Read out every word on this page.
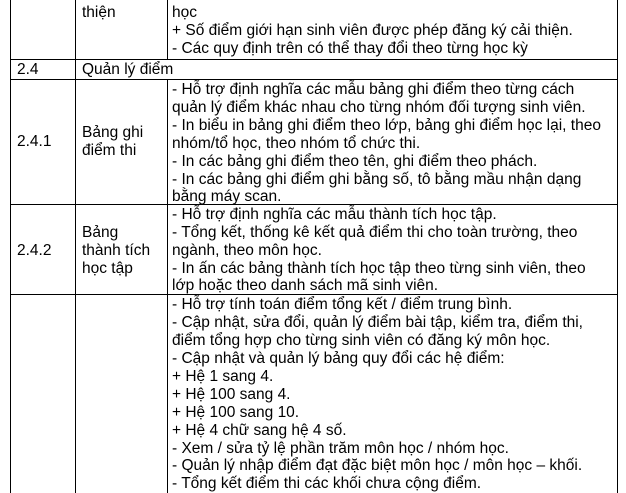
thiện	học
+ Số điểm giới hạn sinh viên được phép đăng ký cải thiện.
- Các quy định trên có thể thay đổi theo từng học kỳ
2.4	Quản lý điểm
2.4.1
Bảng ghi
điểm thi
- Hỗ trợ định nghĩa các mẫu bảng ghi điểm theo từng cách
quản lý điểm khác nhau cho từng nhóm đối tượng sinh viên.
- In biểu in bảng ghi điểm theo lớp, bảng ghi điểm học lại, theo
nhóm/tổ học, theo nhóm tổ chức thi.
- In các bảng ghi điểm theo tên, ghi điểm theo phách.
- In các bảng ghi điểm ghi bằng số, tô bằng mầu nhận dạng
bằng máy scan.
2.4.2
Bảng
thành tích
học tập
- Hỗ trợ định nghĩa các mẫu thành tích học tập.
- Tổng kết, thống kê kết quả điểm thi cho toàn trường, theo
ngành, theo môn học.
- In ấn các bảng thành tích học tập theo từng sinh viên, theo
lớp hoặc theo danh sách mã sinh viên.
- Hỗ trợ tính toán điểm tổng kết / điểm trung bình.
- Cập nhật, sửa đổi, quản lý điểm bài tập, kiểm tra, điểm thi,
điểm tổng hợp cho từng sinh viên có đăng ký môn học.
- Cập nhật và quản lý bảng quy đổi các hệ điểm:
+ Hệ 1 sang 4.
+ Hệ 100 sang 4.
+ Hệ 100 sang 10.
+ Hệ 4 chữ sang hệ 4 số.
- Xem / sửa tỷ lệ phần trăm môn học / nhóm học.
- Quản lý nhập điểm đạt đặc biệt môn học / môn học – khối.
- Tổng kết điểm thi các khối chưa cộng điểm.
